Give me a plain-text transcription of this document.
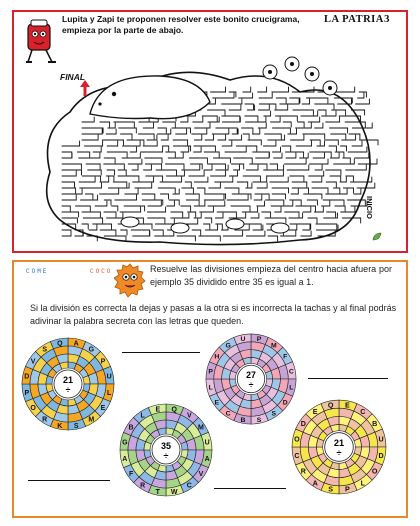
Lupita y Zapi te proponen resolver este bonito crucigrama, empieza por la parte de abajo.
LA PATRIA 3
FINAL
INICIO
COME	COCO	Resuelve las divisiones empieza del centro hacia afuera por ejemplo 35 dividido entre 35 es igual a 1.
Si la división es correcta la dejas y pasas a la otra si es incorrecta la tachas y al final podrás adivinar la palabra secreta con las letras que queden.
A
G
P
U
L
E
M
S
K
R
O
P
D
V
S
Q
21
÷
P
M
F
C
L
D
S
S
B
C
E
L
P
H
G
U
27
÷
Q
V
M
U
A
V
C
W
T
R
F
A
G
B
L
E
35
÷
E
C
B
U
D
O
L
P
S
A
R
C
O
D
E
Q
21
÷
